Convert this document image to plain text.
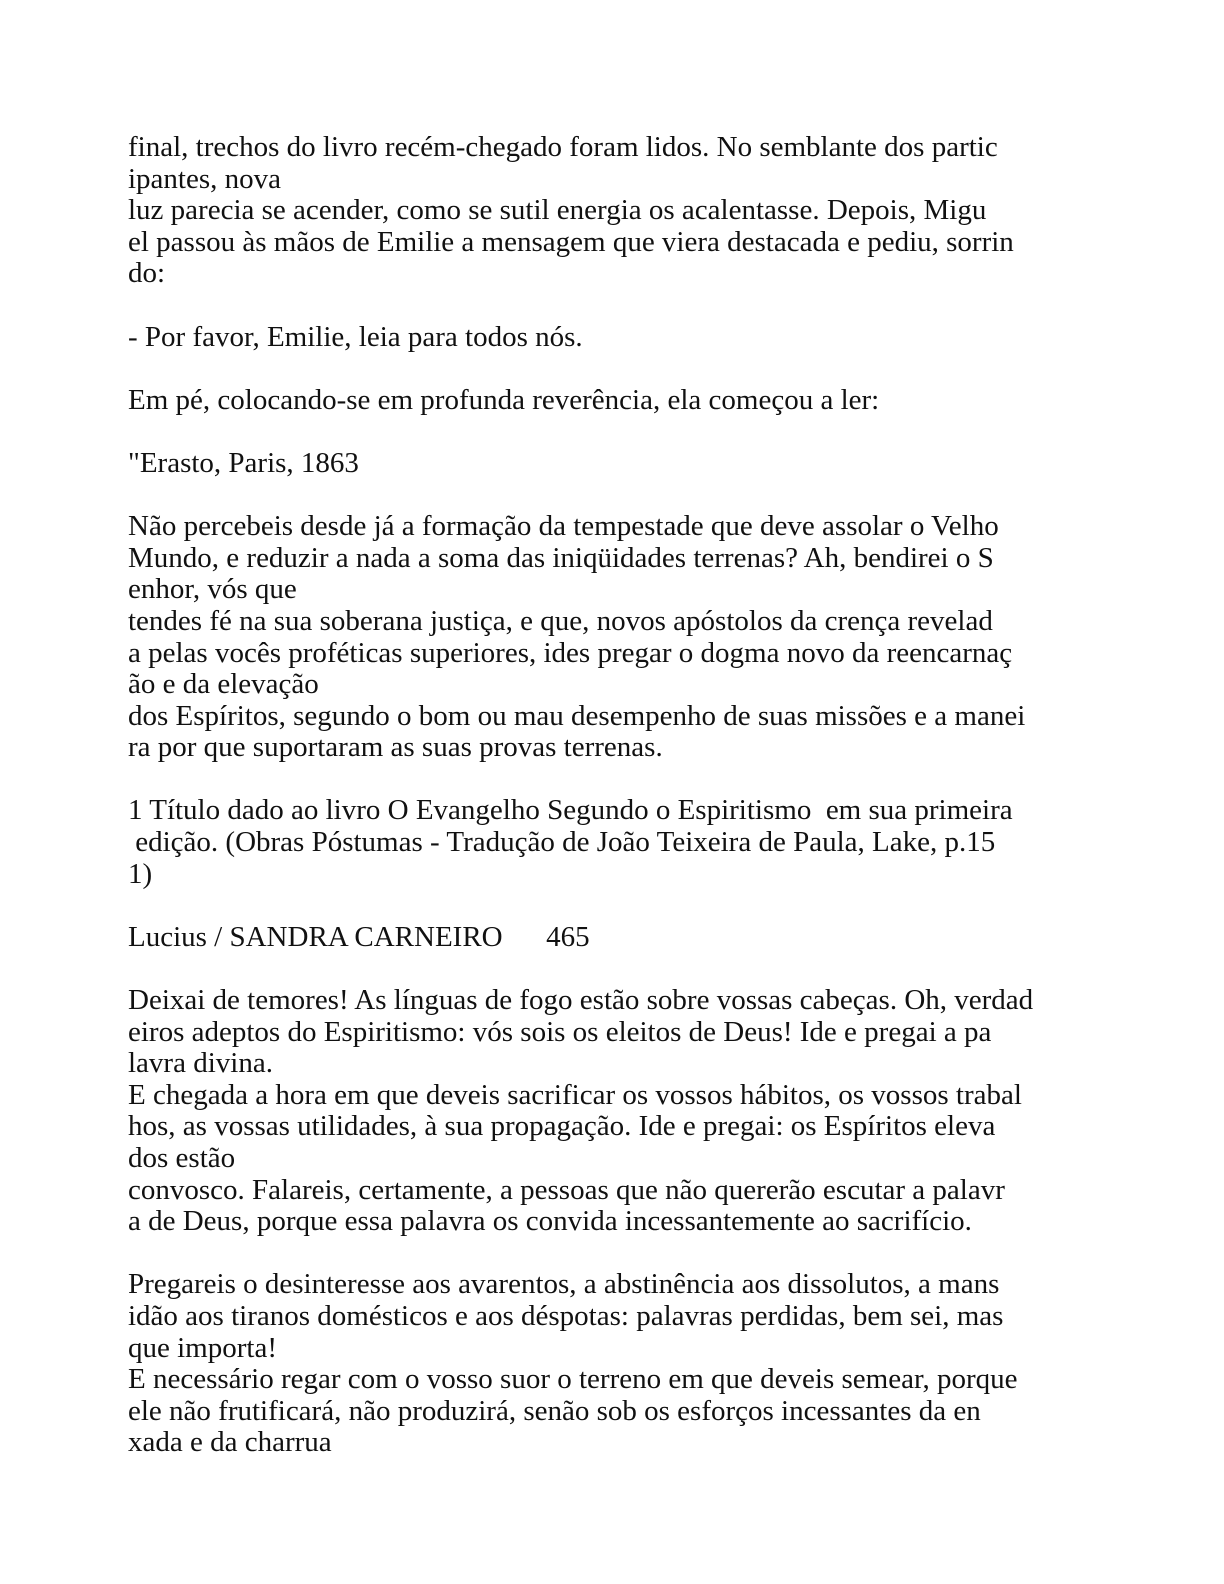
final, trechos do livro recém-chegado foram lidos. No semblante dos partic
ipantes, nova
luz parecia se acender, como se sutil energia os acalentasse. Depois, Migu
el passou às mãos de Emilie a mensagem que viera destacada e pediu, sorrin
do:
- Por favor, Emilie, leia para todos nós.
Em pé, colocando-se em profunda reverência, ela começou a ler:
"Erasto, Paris, 1863
Não percebeis desde já a formação da tempestade que deve assolar o Velho
Mundo, e reduzir a nada a soma das iniqüidades terrenas? Ah, bendirei o S
enhor, vós que
tendes fé na sua soberana justiça, e que, novos apóstolos da crença revelad
a pelas vocês proféticas superiores, ides pregar o dogma novo da reencarnaç
ão e da elevação
dos Espíritos, segundo o bom ou mau desempenho de suas missões e a manei
ra por que suportaram as suas provas terrenas.
1 Título dado ao livro O Evangelho Segundo o Espiritismo  em sua primeira
edição. (Obras Póstumas - Tradução de João Teixeira de Paula, Lake, p.15
1)
Lucius / SANDRA CARNEIRO      465
Deixai de temores! As línguas de fogo estão sobre vossas cabeças. Oh, verdad
eiros adeptos do Espiritismo: vós sois os eleitos de Deus! Ide e pregai a pa
lavra divina.
E chegada a hora em que deveis sacrificar os vossos hábitos, os vossos trabal
hos, as vossas utilidades, à sua propagação. Ide e pregai: os Espíritos eleva
dos estão
convosco. Falareis, certamente, a pessoas que não quererão escutar a palavr
a de Deus, porque essa palavra os convida incessantemente ao sacrifício.
Pregareis o desinteresse aos avarentos, a abstinência aos dissolutos, a mans
idão aos tiranos domésticos e aos déspotas: palavras perdidas, bem sei, mas
que importa!
E necessário regar com o vosso suor o terreno em que deveis semear, porque
ele não frutificará, não produzirá, senão sob os esforços incessantes da en
xada e da charrua
